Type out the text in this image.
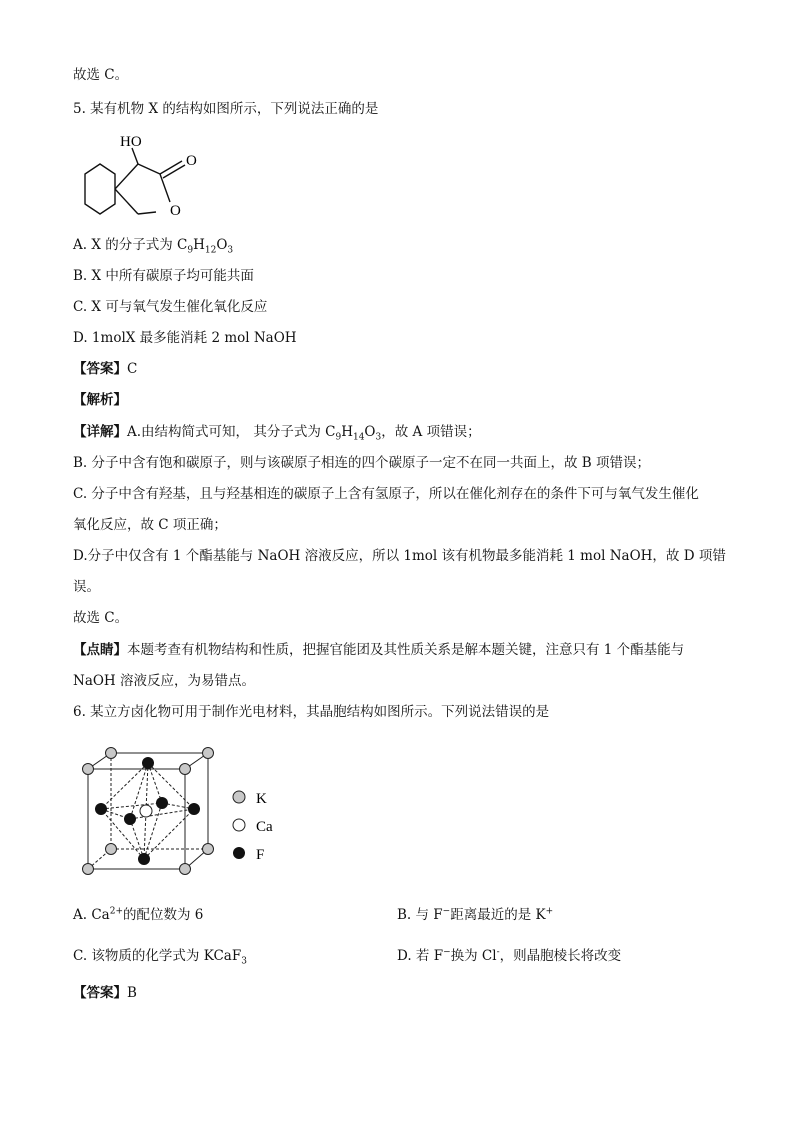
故选 C。
5. 某有机物 X 的结构如图所示，下列说法正确的是
HO
O
O
A. X 的分子式为 $C_9H_{12}O_3$
B. X 中所有碳原子均可能共面
C. X 可与氧气发生催化氧化反应
D. 1molX 最多能消耗 2 mol NaOH
【答案】C
【解析】
【详解】A.由结构简式可知， 其分子式为 $C_9H_{14}O_3$，故 A 项错误；
B. 分子中含有饱和碳原子，则与该碳原子相连的四个碳原子一定不在同一共面上，故 B 项错误；
C. 分子中含有羟基，且与羟基相连的碳原子上含有氢原子，所以在催化剂存在的条件下可与氧气发生催化
氧化反应，故 C 项正确；
D.分子中仅含有 1 个酯基能与 NaOH 溶液反应，所以 1mol 该有机物最多能消耗 1 mol NaOH，故 D 项错
误。
故选 C。
【点睛】本题考查有机物结构和性质，把握官能团及其性质关系是解本题关键，注意只有 1 个酯基能与
NaOH 溶液反应，为易错点。
6. 某立方卤化物可用于制作光电材料，其晶胞结构如图所示。下列说法错误的是
K
Ca
F
A. $Ca^{2+}$的配位数为 6	B. 与 F−距离最近的是 K+
C. 该物质的化学式为 KCaF$_3$	D. 若 F−换为 Cl-，则晶胞棱长将改变
【答案】B
